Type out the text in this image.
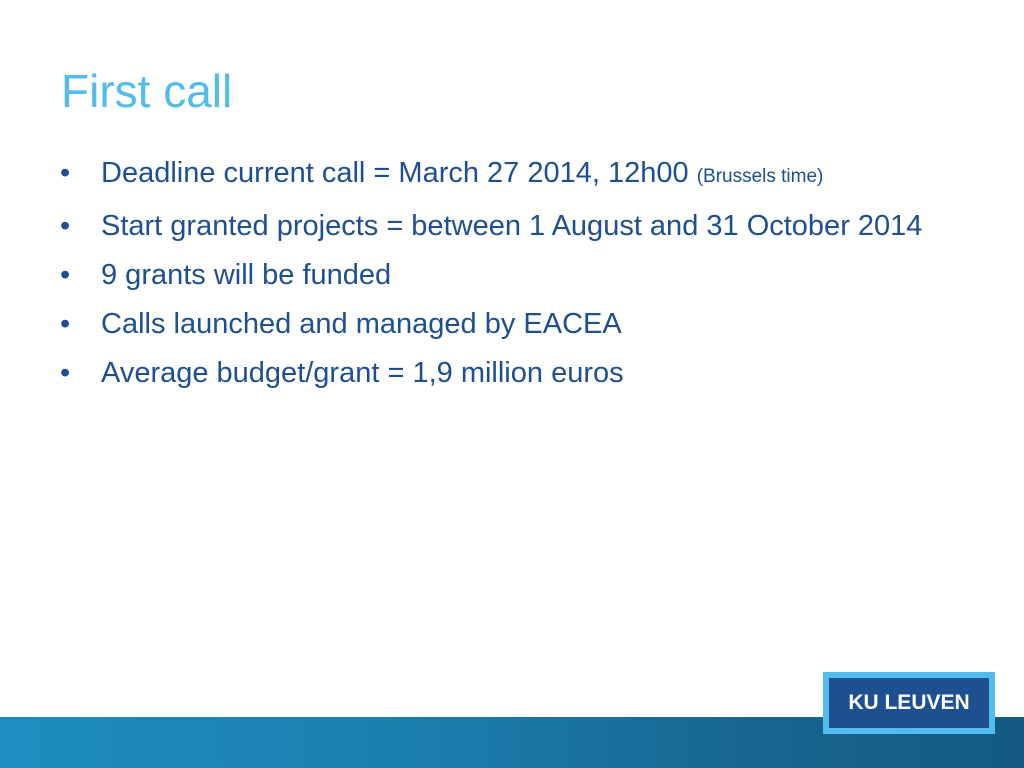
First call
•	Deadline current call = March 27 2014, 12h00 (Brussels time)
•	Start granted projects = between 1 August and 31 October 2014
•	9 grants will be funded
•	Calls launched and managed by EACEA
•	Average budget/grant = 1,9 million euros
KU LEUVEN
